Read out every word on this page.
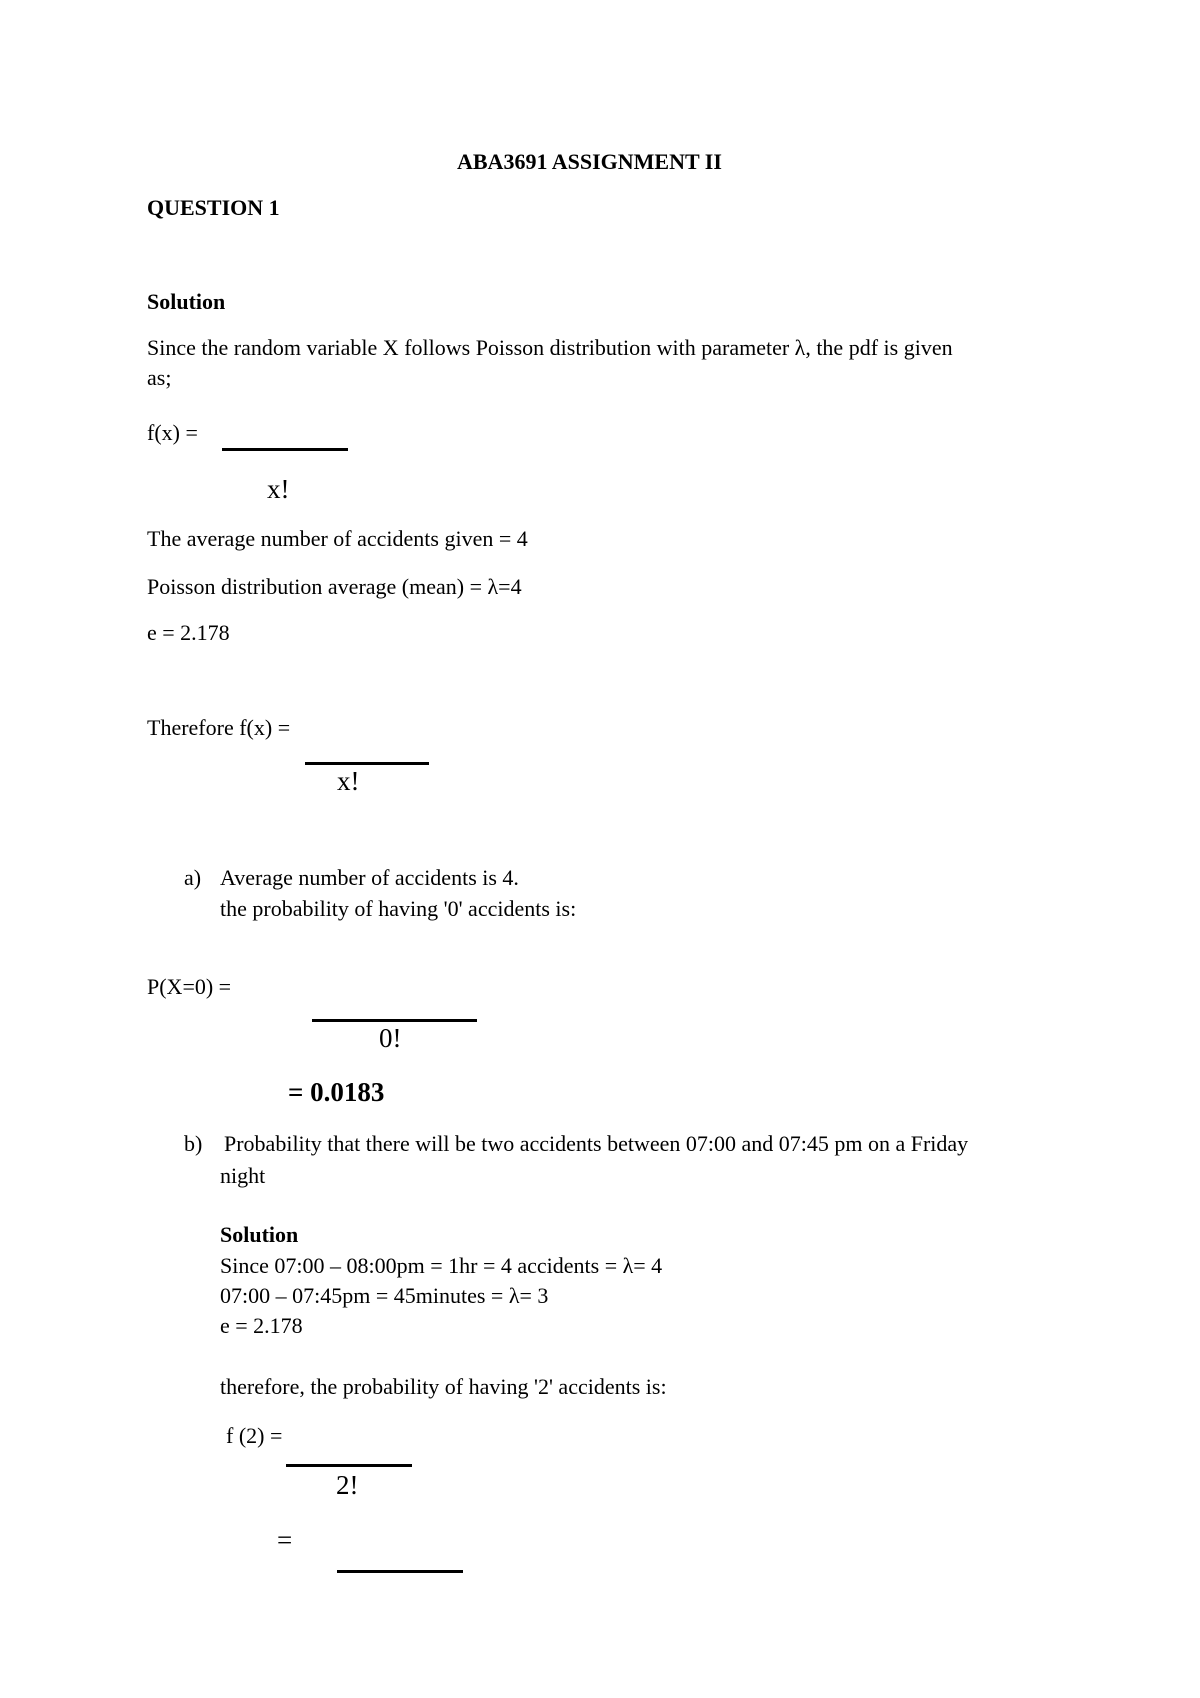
ABA3691 ASSIGNMENT II
QUESTION 1
Solution
Since the random variable X follows Poisson distribution with parameter λ, the pdf is given
as;
f(x) =
x!
The average number of accidents given = 4
Poisson distribution average (mean) = λ=4
e = 2.178
Therefore f(x) =
x!
a) Average number of accidents is 4.
the probability of having '0' accidents is:
P(X=0) =
0!
= 0.0183
b) Probability that there will be two accidents between 07:00 and 07:45 pm on a Friday
night
Solution
Since 07:00 – 08:00pm = 1hr = 4 accidents = λ= 4
07:00 – 07:45pm = 45minutes = λ= 3
e = 2.178
therefore, the probability of having '2' accidents is:
f (2) =
2!
=
